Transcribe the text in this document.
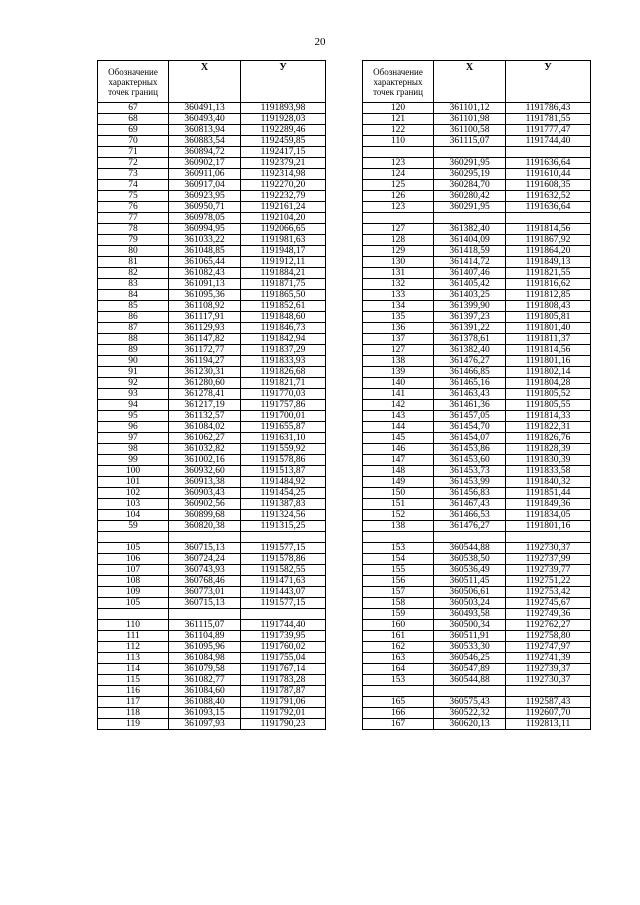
20
Обозначение характерных точек границ	Х	У
67	360491,13	1191893,98
68	360493,40	1191928,03
69	360813,94	1192289,46
70	360883,54	1192459,85
71	360894,72	1192417,15
72	360902,17	1192379,21
73	360911,06	1192314,98
74	360917,04	1192270,20
75	360923,95	1192232,79
76	360950,71	1192161,24
77	360978,05	1192104,20
78	360994,95	1192066,65
79	361033,22	1191981,63
80	361048,85	1191948,17
81	361065,44	1191912,11
82	361082,43	1191884,21
83	361091,13	1191871,75
84	361095,36	1191865,50
85	361108,92	1191852,61
86	361117,91	1191848,60
87	361129,93	1191846,73
88	361147,82	1191842,94
89	361172,77	1191837,29
90	361194,27	1191833,93
91	361230,31	1191826,68
92	361280,60	1191821,71
93	361278,41	1191770,03
94	361217,19	1191757,86
95	361132,57	1191700,01
96	361084,02	1191655,87
97	361062,27	1191631,10
98	361032,82	1191559,92
99	361002,16	1191578,86
100	360932,60	1191513,87
101	360913,38	1191484,92
102	360903,43	1191454,25
103	360902,56	1191387,83
104	360899,68	1191324,56
59	360820,38	1191315,25

105	360715,13	1191577,15
106	360724,24	1191578,86
107	360743,93	1191582,55
108	360768,46	1191471,63
109	360773,01	1191443,07
105	360715,13	1191577,15

110	361115,07	1191744,40
111	361104,89	1191739,95
112	361095,96	1191760,02
113	361084,98	1191755,04
114	361079,58	1191767,14
115	361082,77	1191783,28
116	361084,60	1191787,87
117	361088,40	1191791,06
118	361093,15	1191792,01
119	361097,93	1191790,23
Обозначение характерных точек границ	Х	У
120	361101,12	1191786,43
121	361101,98	1191781,55
122	361100,58	1191777,47
110	361115,07	1191744,40

123	360291,95	1191636,64
124	360295,19	1191610,44
125	360284,70	1191608,35
126	360280,42	1191632,52
123	360291,95	1191636,64

127	361382,40	1191814,56
128	361404,09	1191867,92
129	361418,59	1191864,20
130	361414,72	1191849,13
131	361407,46	1191821,55
132	361405,42	1191816,62
133	361403,25	1191812,85
134	361399,90	1191808,43
135	361397,23	1191805,81
136	361391,22	1191801,40
137	361378,61	1191811,37
127	361382,40	1191814,56
138	361476,27	1191801,16
139	361466,85	1191802,14
140	361465,16	1191804,28
141	361463,43	1191805,52
142	361461,36	1191805,55
143	361457,05	1191814,33
144	361454,70	1191822,31
145	361454,07	1191826,76
146	361453,86	1191828,39
147	361453,60	1191830,39
148	361453,73	1191833,58
149	361453,99	1191840,32
150	361456,83	1191851,44
151	361467,43	1191849,36
152	361466,53	1191834,05
138	361476,27	1191801,16

153	360544,88	1192730,37
154	360538,50	1192737,99
155	360536,49	1192739,77
156	360511,45	1192751,22
157	360506,61	1192753,42
158	360503,24	1192745,67
159	360493,58	1192749,36
160	360500,34	1192762,27
161	360511,91	1192758,80
162	360533,30	1192747,97
163	360546,25	1192741,39
164	360547,89	1192739,37
153	360544,88	1192730,37

165	360575,43	1192587,43
166	360522,32	1192607,70
167	360620,13	1192813,11
